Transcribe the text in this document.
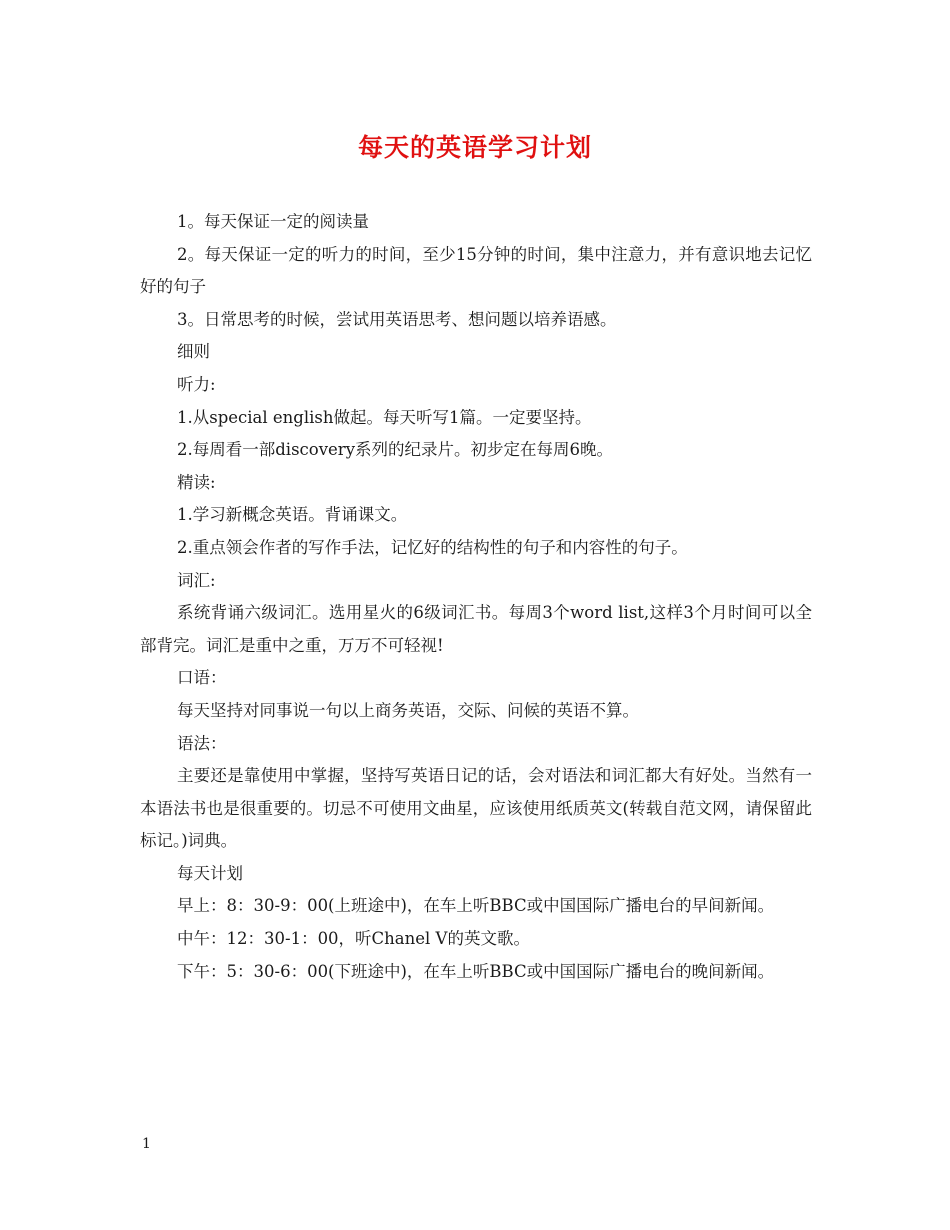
每天的英语学习计划

1。每天保证一定的阅读量

2。每天保证一定的听力的时间，至少15分钟的时间，集中注意力，并有意识地去记忆好的句子

3。日常思考的时候，尝试用英语思考、想问题以培养语感。

细则

听力:

1.从special english做起。每天听写1篇。一定要坚持。

2.每周看一部discovery系列的纪录片。初步定在每周6晚。

精读:

1.学习新概念英语。背诵课文。

2.重点领会作者的写作手法，记忆好的结构性的句子和内容性的句子。

词汇:

系统背诵六级词汇。选用星火的6级词汇书。每周3个word list,这样3个月时间可以全部背完。词汇是重中之重，万万不可轻视!

口语：

每天坚持对同事说一句以上商务英语，交际、问候的英语不算。

语法：

主要还是靠使用中掌握，坚持写英语日记的话，会对语法和词汇都大有好处。当然有一本语法书也是很重要的。切忌不可使用文曲星，应该使用纸质英文(转载自范文网，请保留此标记。)词典。

每天计划

早上：8：30-9：00(上班途中)，在车上听BBC或中国国际广播电台的早间新闻。

中午：12：30-1：00，听Chanel V的英文歌。

下午：5：30-6：00(下班途中)，在车上听BBC或中国国际广播电台的晚间新闻。

1
